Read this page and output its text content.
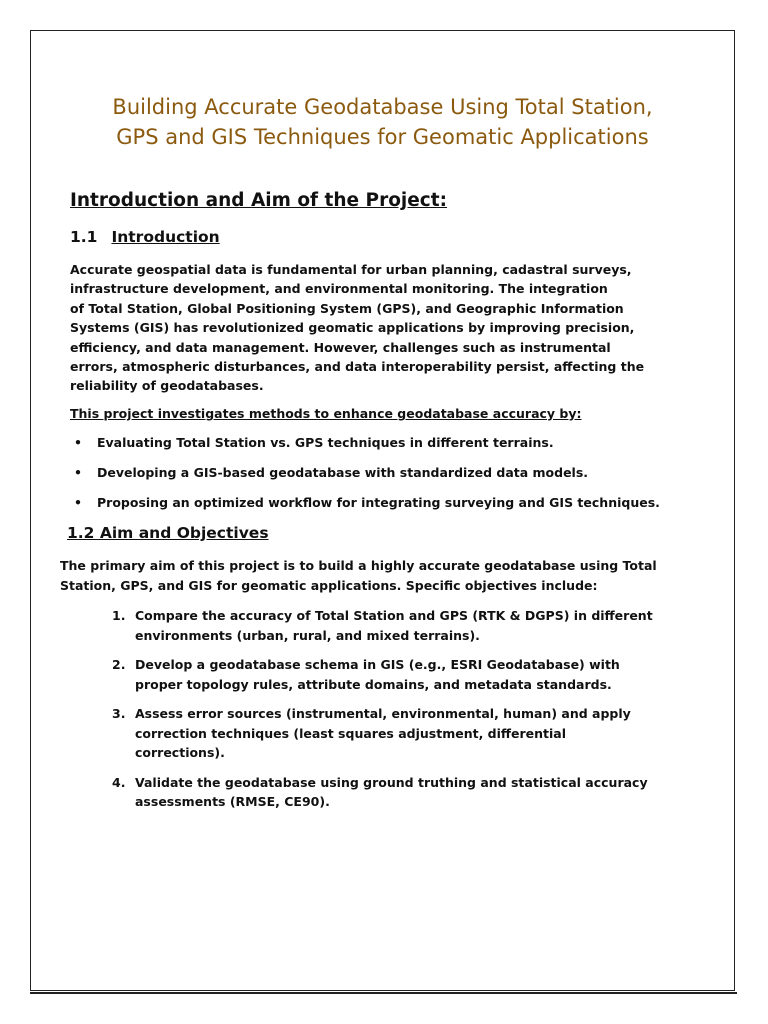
Building Accurate Geodatabase Using Total Station,
GPS and GIS Techniques for Geomatic Applications
Introduction and Aim of the Project:
1.1 Introduction

Accurate geospatial data is fundamental for urban planning, cadastral surveys,
infrastructure development, and environmental monitoring. The integration
of Total Station, Global Positioning System (GPS), and Geographic Information
Systems (GIS) has revolutionized geomatic applications by improving precision,
efficiency, and data management. However, challenges such as instrumental
errors, atmospheric disturbances, and data interoperability persist, affecting the
reliability of geodatabases.

This project investigates methods to enhance geodatabase accuracy by:

• Evaluating Total Station vs. GPS techniques in different terrains.
• Developing a GIS-based geodatabase with standardized data models.
• Proposing an optimized workflow for integrating surveying and GIS techniques.
1.2 Aim and Objectives

The primary aim of this project is to build a highly accurate geodatabase using Total
Station, GPS, and GIS for geomatic applications. Specific objectives include:

1. Compare the accuracy of Total Station and GPS (RTK & DGPS) in different
environments (urban, rural, and mixed terrains).
2. Develop a geodatabase schema in GIS (e.g., ESRI Geodatabase) with
proper topology rules, attribute domains, and metadata standards.
3. Assess error sources (instrumental, environmental, human) and apply
correction techniques (least squares adjustment, differential
corrections).
4. Validate the geodatabase using ground truthing and statistical accuracy
assessments (RMSE, CE90).
